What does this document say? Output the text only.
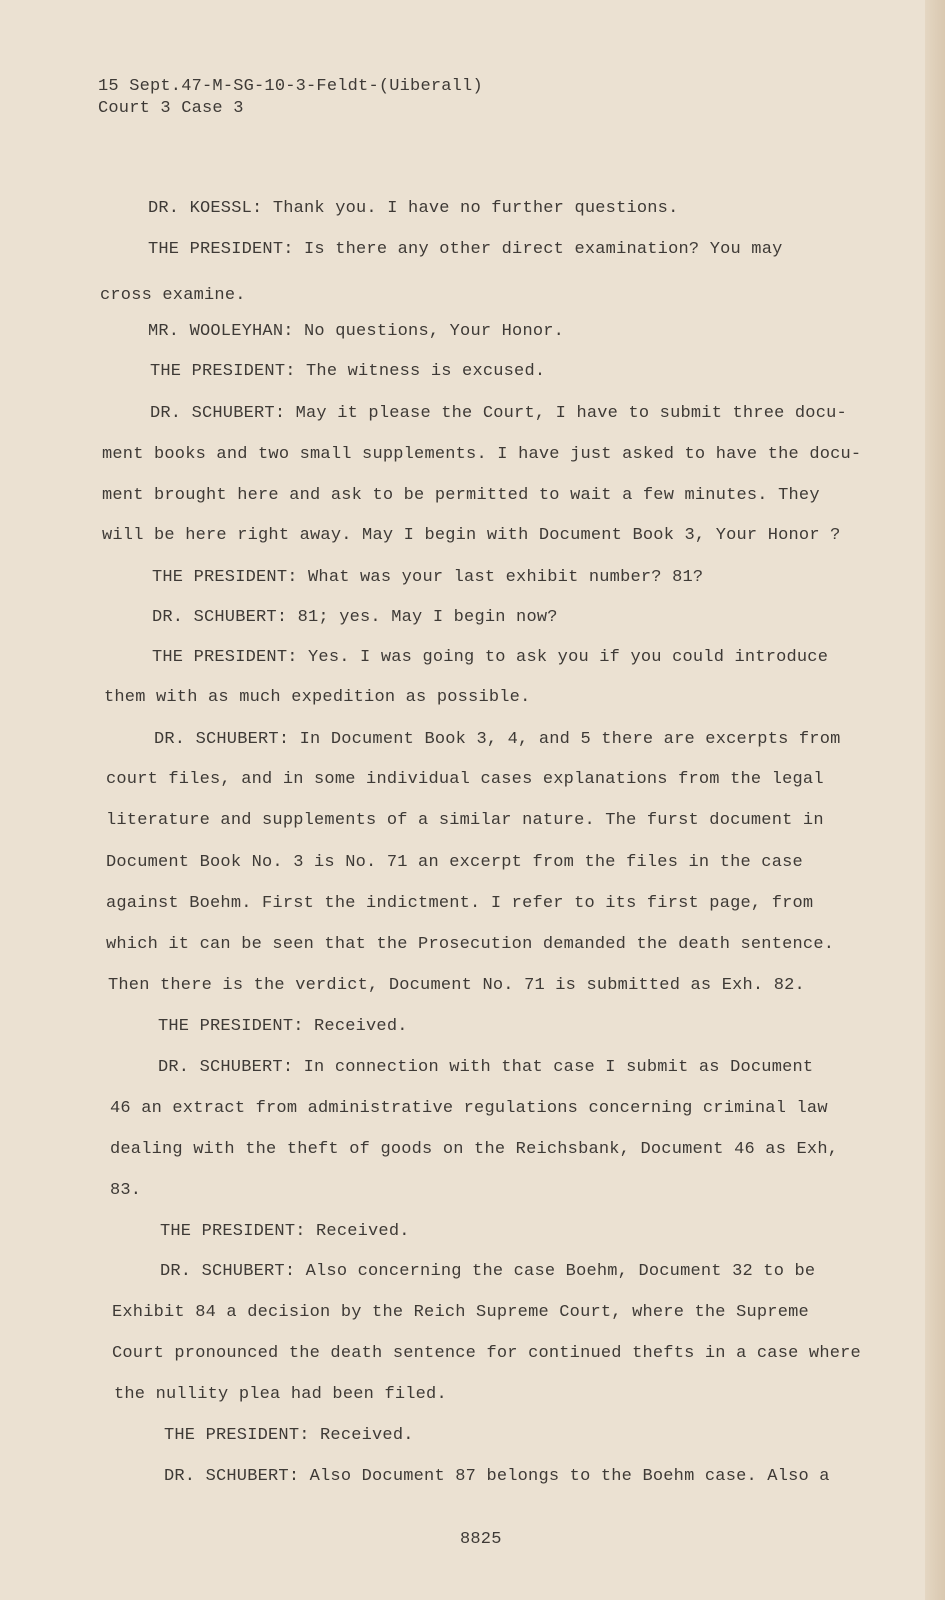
15 Sept.47-M-SG-10-3-Feldt-(Uiberall)
Court 3 Case 3
DR. KOESSL: Thank you. I have no further questions.
THE PRESIDENT: Is there any other direct examination? You may
cross examine.
MR. WOOLEYHAN: No questions, Your Honor.
THE PRESIDENT: The witness is excused.
DR. SCHUBERT: May it please the Court, I have to submit three docu-
ment books and two small supplements. I have just asked to have the docu-
ment brought here and ask to be permitted to wait a few minutes. They
will be here right away. May I begin with Document Book 3, Your Honor ?
THE PRESIDENT: What was your last exhibit number? 81?
DR. SCHUBERT: 81; yes. May I begin now?
THE PRESIDENT: Yes. I was going to ask you if you could introduce
them with as much expedition as possible.
DR. SCHUBERT: In Document Book 3, 4, and 5 there are excerpts from
court files, and in some individual cases explanations from the legal
literature and supplements of a similar nature. The furst document in
Document Book No. 3 is No. 71 an excerpt from the files in the case
against Boehm. First the indictment. I refer to its first page, from
which it can be seen that the Prosecution demanded the death sentence.
Then there is the verdict, Document No. 71 is submitted as Exh. 82.
THE PRESIDENT: Received.
DR. SCHUBERT: In connection with that case I submit as Document
46 an extract from administrative regulations concerning criminal law
dealing with the theft of goods on the Reichsbank, Document 46 as Exh,
83.
THE PRESIDENT: Received.
DR. SCHUBERT: Also concerning the case Boehm, Document 32 to be
Exhibit 84 a decision by the Reich Supreme Court, where the Supreme
Court pronounced the death sentence for continued thefts in a case where
the nullity plea had been filed.
THE PRESIDENT: Received.
DR. SCHUBERT: Also Document 87 belongs to the Boehm case. Also a
8825
